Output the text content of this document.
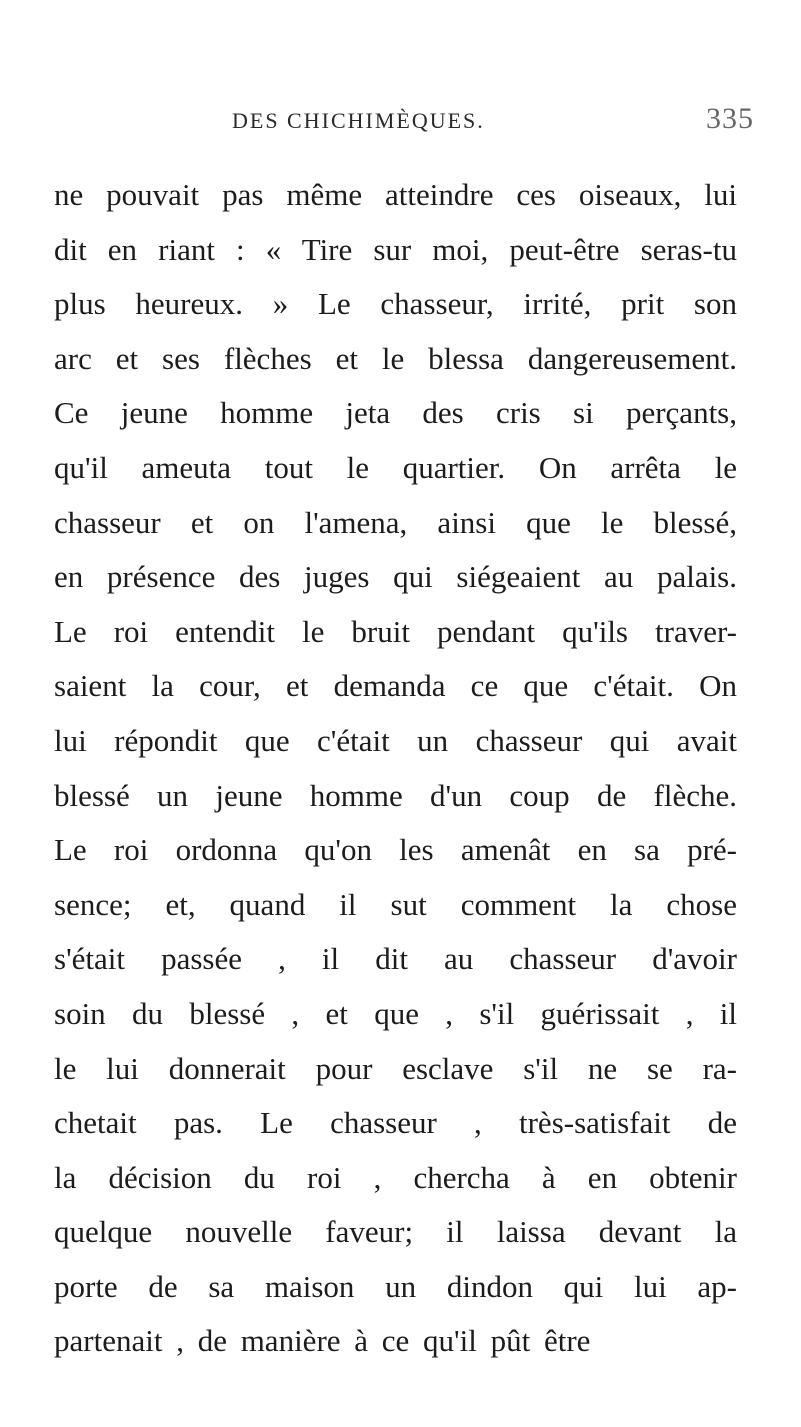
DES CHICHIMÈQUES.	335
ne pouvait pas même atteindre ces oiseaux, lui
dit en riant : « Tire sur moi, peut-être seras-tu
plus heureux. » Le chasseur, irrité, prit son
arc et ses flèches et le blessa dangereusement.
Ce jeune homme jeta des cris si perçants,
qu'il ameuta tout le quartier. On arrêta le
chasseur et on l'amena, ainsi que le blessé,
en présence des juges qui siégeaient au palais.
Le roi entendit le bruit pendant qu'ils traver-
saient la cour, et demanda ce que c'était. On
lui répondit que c'était un chasseur qui avait
blessé un jeune homme d'un coup de flèche.
Le roi ordonna qu'on les amenât en sa pré-
sence; et, quand il sut comment la chose
s'était passée , il dit au chasseur d'avoir
soin du blessé , et que , s'il guérissait , il
le lui donnerait pour esclave s'il ne se ra-
chetait pas. Le chasseur , très-satisfait de
la décision du roi , chercha à en obtenir
quelque nouvelle faveur; il laissa devant la
porte de sa maison un dindon qui lui ap-
partenait , de manière à ce qu'il pût être
